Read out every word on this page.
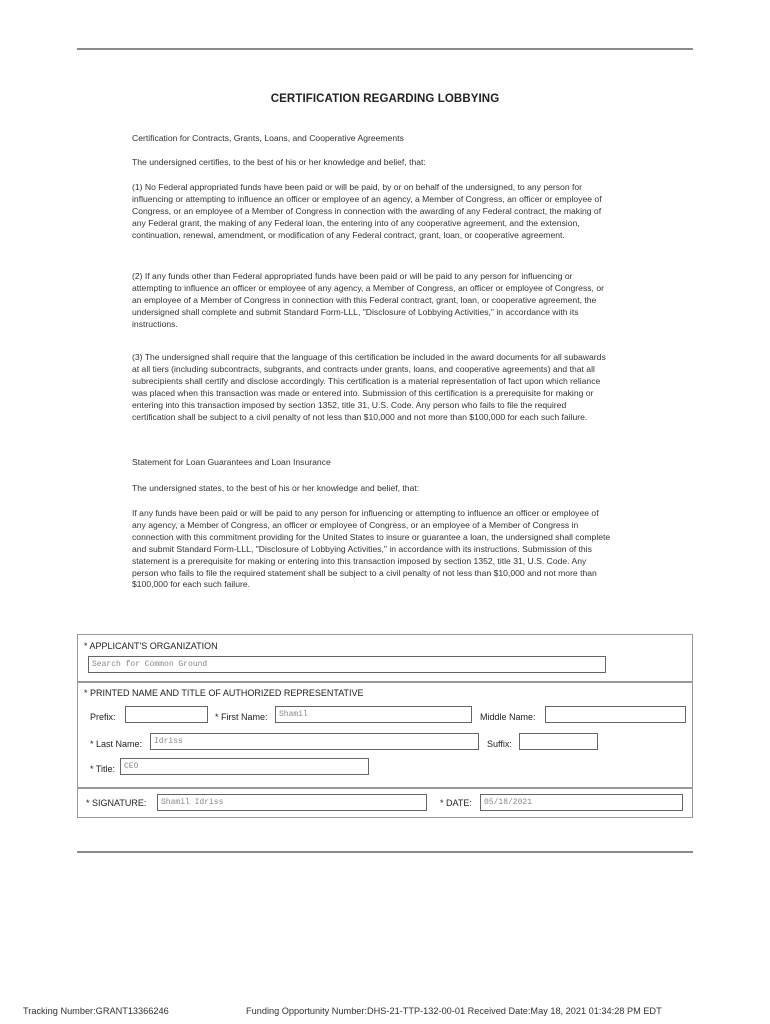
CERTIFICATION REGARDING LOBBYING
Certification for Contracts, Grants, Loans, and Cooperative Agreements
The undersigned certifies, to the best of his or her knowledge and belief, that:
(1) No Federal appropriated funds have been paid or will be paid, by or on behalf of the undersigned, to any person for influencing or attempting to influence an officer or employee of an agency, a Member of Congress, an officer or employee of Congress, or an employee of a Member of Congress in connection with the awarding of any Federal contract, the making of any Federal grant, the making of any Federal loan, the entering into of any cooperative agreement, and the extension, continuation, renewal, amendment, or modification of any Federal contract, grant, loan, or cooperative agreement.
(2) If any funds other than Federal appropriated funds have been paid or will be paid to any person for influencing or attempting to influence an officer or employee of any agency, a Member of Congress, an officer or employee of Congress, or an employee of a Member of Congress in connection with this Federal contract, grant, loan, or cooperative agreement, the undersigned shall complete and submit Standard Form-LLL, "Disclosure of Lobbying Activities," in accordance with its instructions.
(3) The undersigned shall require that the language of this certification be included in the award documents for all subawards at all tiers (including subcontracts, subgrants, and contracts under grants, loans, and cooperative agreements) and that all subrecipients shall certify and disclose accordingly. This certification is a material representation of fact upon which reliance was placed when this transaction was made or entered into. Submission of this certification is a prerequisite for making or entering into this transaction imposed by section 1352, title 31, U.S. Code. Any person who fails to file the required certification shall be subject to a civil penalty of not less than $10,000 and not more than $100,000 for each such failure.
Statement for Loan Guarantees and Loan Insurance
The undersigned states, to the best of his or her knowledge and belief, that:
If any funds have been paid or will be paid to any person for influencing or attempting to influence an officer or employee of any agency, a Member of Congress, an officer or employee of Congress, or an employee of a Member of Congress in connection with this commitment providing for the United States to insure or guarantee a loan, the undersigned shall complete and submit Standard Form-LLL, "Disclosure of Lobbying Activities," in accordance with its instructions. Submission of this statement is a prerequisite for making or entering into this transaction imposed by section 1352, title 31, U.S. Code. Any person who fails to file the required statement shall be subject to a civil penalty of not less than $10,000 and not more than $100,000 for each such failure.
* APPLICANT'S ORGANIZATION
Search for Common Ground
* PRINTED NAME AND TITLE OF AUTHORIZED REPRESENTATIVE
Prefix:	* First Name:	Shamil	Middle Name:
* Last Name:	Idriss	Suffix:
* Title:	CEO
* SIGNATURE:	Shamil Idriss	* DATE:	05/18/2021
Tracking Number:GRANT13366246	Funding Opportunity Number:DHS-21-TTP-132-00-01 Received Date:May 18, 2021 01:34:28 PM EDT
